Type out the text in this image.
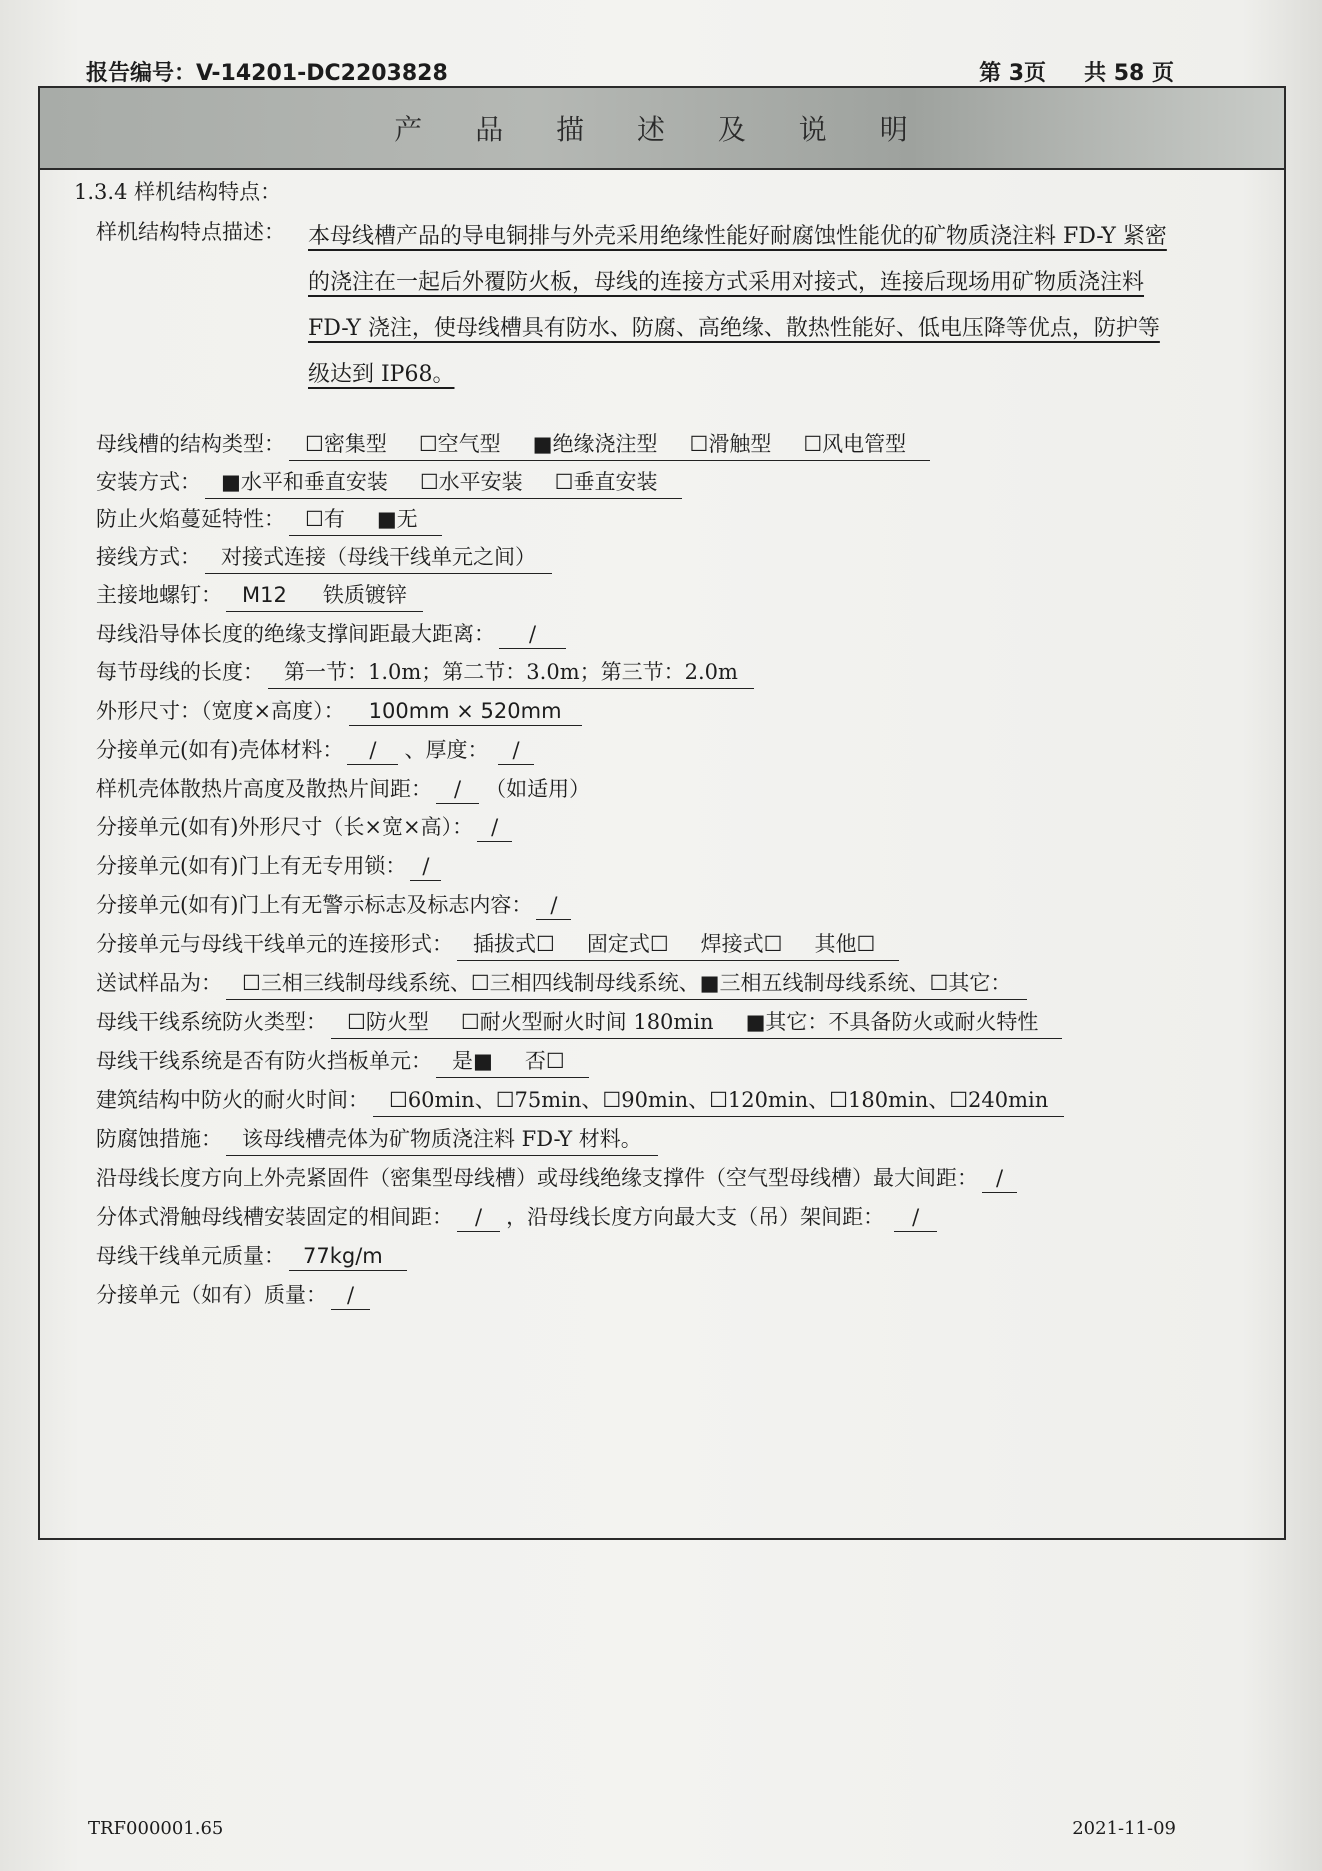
报告编号：V-14201-DC2203828	第 3页 共 58 页
产 品 描 述 及 说 明
1.3.4 样机结构特点：
样机结构特点描述： 本母线槽产品的导电铜排与外壳采用绝缘性能好耐腐蚀性能优的矿物质浇注料 FD-Y 紧密
的浇注在一起后外覆防火板，母线的连接方式采用对接式，连接后现场用矿物质浇注料
FD-Y 浇注，使母线槽具有防水、防腐、高绝缘、散热性能好、低电压降等优点，防护等
级达到 IP68。
母线槽的结构类型： ☐密集型 ☐空气型 ■绝缘浇注型 ☐滑触型 ☐风电管型
安装方式： ■水平和垂直安装 ☐水平安装 ☐垂直安装
防止火焰蔓延特性： ☐有 ■无
接线方式： 对接式连接（母线干线单元之间）
主接地螺钉： M12 铁质镀锌
母线沿导体长度的绝缘支撑间距最大距离： /
每节母线的长度： 第一节：1.0m；第二节：3.0m；第三节：2.0m
外形尺寸：（宽度×高度）： 100mm × 520mm
分接单元(如有)壳体材料： / 、厚度： /
样机壳体散热片高度及散热片间距： / （如适用）
分接单元(如有)外形尺寸（长×宽×高）： /
分接单元(如有)门上有无专用锁： /
分接单元(如有)门上有无警示标志及标志内容： /
分接单元与母线干线单元的连接形式： 插拔式☐ 固定式☐ 焊接式☐ 其他☐
送试样品为： ☐三相三线制母线系统、☐三相四线制母线系统、■三相五线制母线系统、☐其它：
母线干线系统防火类型： ☐防火型 ☐耐火型耐火时间 180min ■其它：不具备防火或耐火特性
母线干线系统是否有防火挡板单元： 是■ 否☐
建筑结构中防火的耐火时间： ☐60min、☐75min、☐90min、☐120min、☐180min、☐240min
防腐蚀措施： 该母线槽壳体为矿物质浇注料 FD-Y 材料。
沿母线长度方向上外壳紧固件（密集型母线槽）或母线绝缘支撑件（空气型母线槽）最大间距： /
分体式滑触母线槽安装固定的相间距： / ，沿母线长度方向最大支（吊）架间距： /
母线干线单元质量： 77kg/m
分接单元（如有）质量： /
TRF000001.65	2021-11-09
